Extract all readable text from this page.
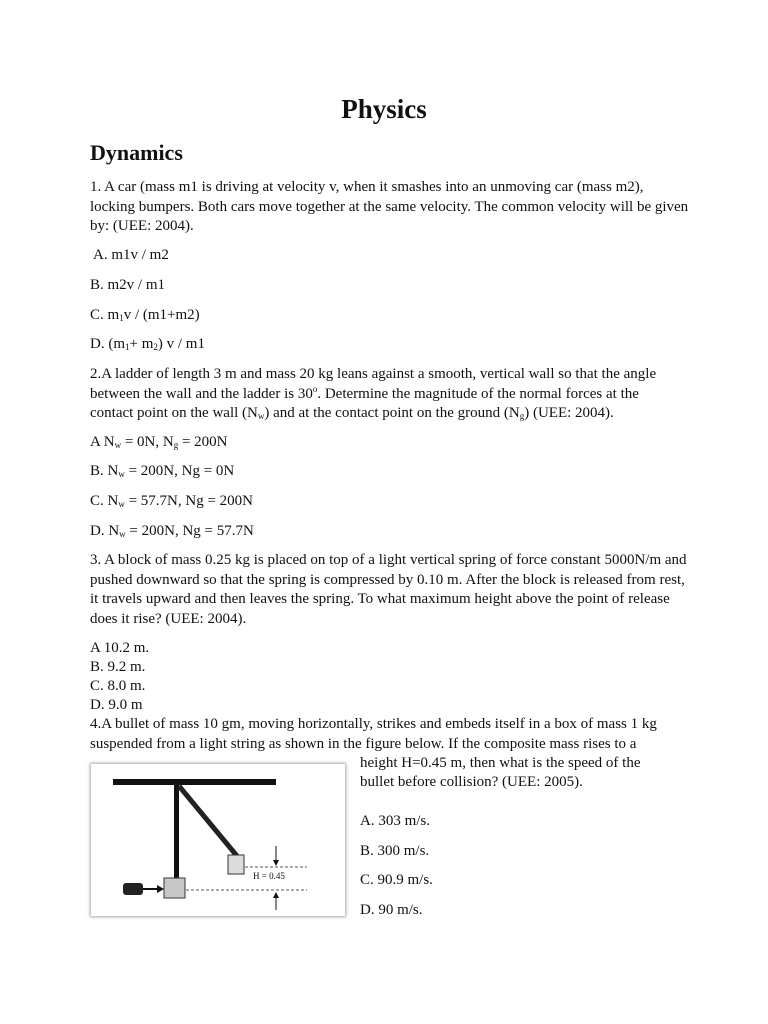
Physics
Dynamics
1. A car (mass m1 is driving at velocity v, when it smashes into an unmoving car (mass m2), locking bumpers. Both cars move together at the same velocity. The common velocity will be given by: (UEE: 2004).
A. m1v / m2
B. m2v / m1
C. $m_1v / (m1+m2)$
D. $(m_1+ m_2)$ v / m1
2.A ladder of length 3 m and mass 20 kg leans against a smooth, vertical wall so that the angle
between the wall and the ladder is 30$^o$. Determine the magnitude of the normal forces at the
contact point on the wall $(N_w)$ and at the contact point on the ground $(N_g)$ (UEE: 2004).
A $N_w = 0N$, $N_g = 200N$
B. $N_w = 200N$, Ng = 0N
C. $N_w = 57.7N$, Ng = 200N
D. $N_w = 200N$, Ng = 57.7N
3. A block of mass 0.25 kg is placed on top of a light vertical spring of force constant 5000N/m and pushed downward so that the spring is compressed by 0.10 m. After the block is released from rest, it travels upward and then leaves the spring. To what maximum height above the point of release does it rise? (UEE: 2004).
A 10.2 m.
B. 9.2 m.
C. 8.0 m.
D. 9.0 m
4.A bullet of mass 10 gm, moving horizontally, strikes and embeds itself in a box of mass 1 kg
suspended from a light string as shown in the figure below. If the composite mass rises to a
height H=0.45 m, then what is the speed of the
bullet before collision? (UEE: 2005).
A. 303 m/s.
B. 300 m/s.
C. 90.9 m/s.
D. 90 m/s.
H = 0.45
